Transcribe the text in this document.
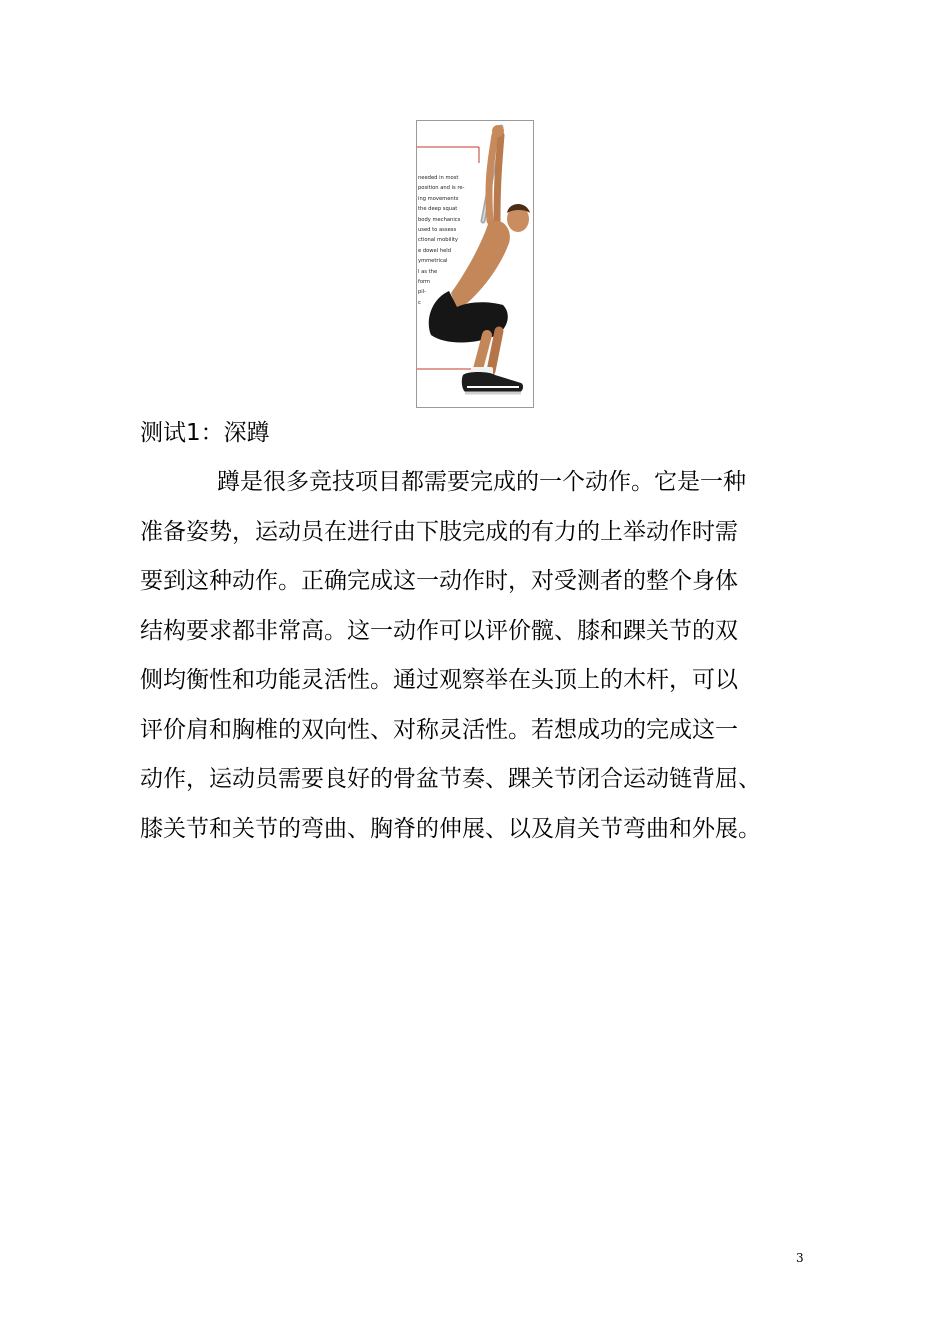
needed in most
position and is re-
ing movements
the deep squat
body mechanics
used to assess
ctional mobility
e dowel held
ymmetrical
l as the
form
pil-
c
测试1：深蹲
蹲是很多竞技项目都需要完成的一个动作。它是一种
准备姿势，运动员在进行由下肢完成的有力的上举动作时需
要到这种动作。正确完成这一动作时，对受测者的整个身体
结构要求都非常高。这一动作可以评价髋、膝和踝关节的双
侧均衡性和功能灵活性。通过观察举在头顶上的木杆，可以
评价肩和胸椎的双向性、对称灵活性。若想成功的完成这一
动作，运动员需要良好的骨盆节奏、踝关节闭合运动链背屈、
膝关节和关节的弯曲、胸脊的伸展、以及肩关节弯曲和外展。
3
